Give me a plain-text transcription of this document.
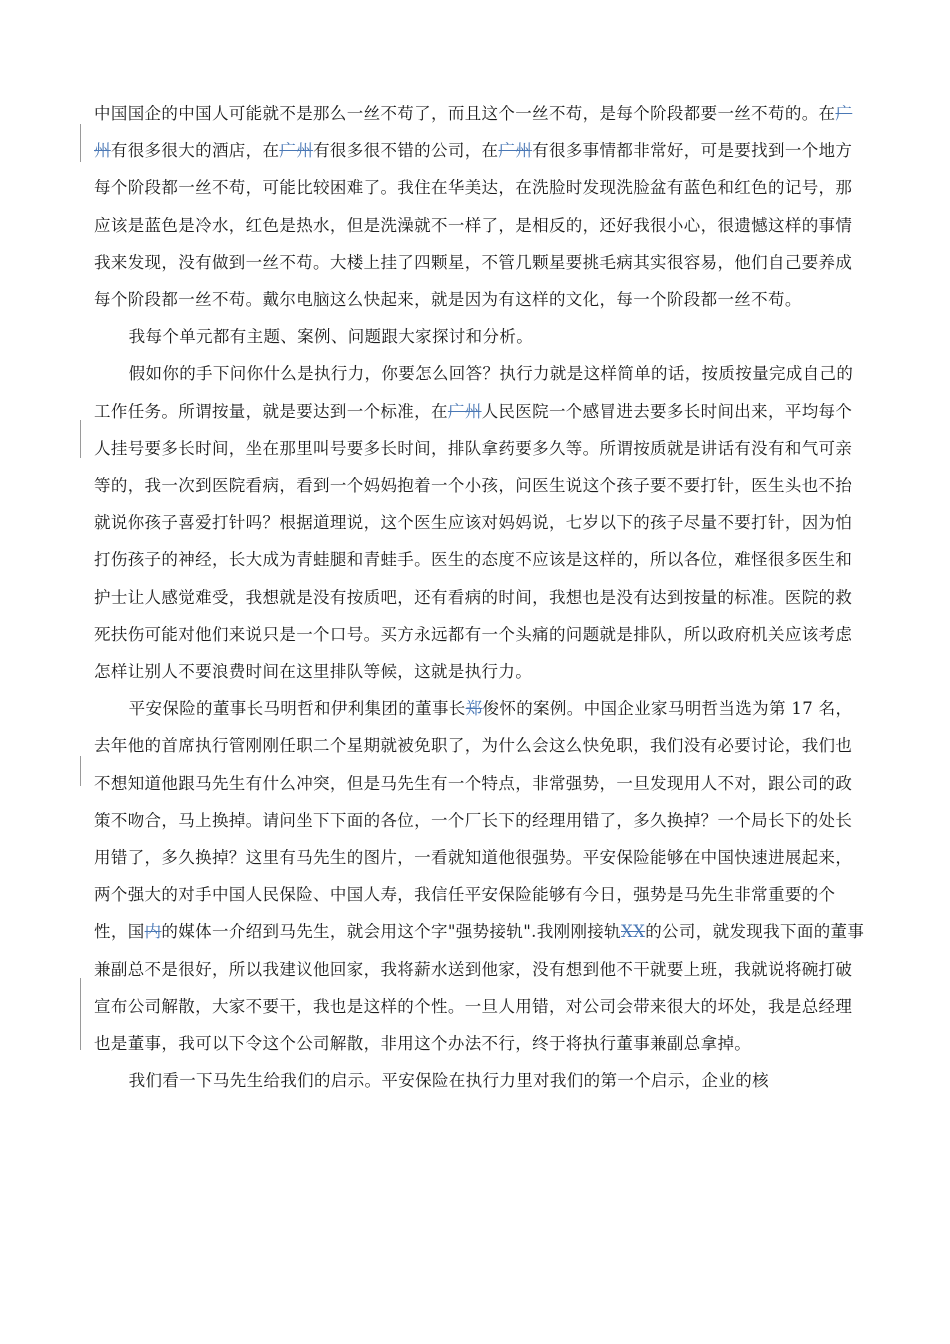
中国国企的中国人可能就不是那么一丝不苟了，而且这个一丝不苟，是每个阶段都要一丝不苟的。在广州有很多很大的酒店，在广州有很多很不错的公司，在广州有很多事情都非常好，可是要找到一个地方每个阶段都一丝不苟，可能比较困难了。我住在华美达，在洗脸时发现洗脸盆有蓝色和红色的记号，那应该是蓝色是冷水，红色是热水，但是洗澡就不一样了，是相反的，还好我很小心，很遗憾这样的事情我来发现，没有做到一丝不苟。大楼上挂了四颗星，不管几颗星要挑毛病其实很容易，他们自己要养成每个阶段都一丝不苟。戴尔电脑这么快起来，就是因为有这样的文化，每一个阶段都一丝不苟。

我每个单元都有主题、案例、问题跟大家探讨和分析。

假如你的手下问你什么是执行力，你要怎么回答？执行力就是这样简单的话，按质按量完成自己的工作任务。所谓按量，就是要达到一个标准，在广州人民医院一个感冒进去要多长时间出来，平均每个人挂号要多长时间，坐在那里叫号要多长时间，排队拿药要多久等。所谓按质就是讲话有没有和气可亲等的，我一次到医院看病，看到一个妈妈抱着一个小孩，问医生说这个孩子要不要打针，医生头也不抬就说你孩子喜爱打针吗？根据道理说，这个医生应该对妈妈说，七岁以下的孩子尽量不要打针，因为怕打伤孩子的神经，长大成为青蛙腿和青蛙手。医生的态度不应该是这样的，所以各位，难怪很多医生和护士让人感觉难受，我想就是没有按质吧，还有看病的时间，我想也是没有达到按量的标准。医院的救死扶伤可能对他们来说只是一个口号。买方永远都有一个头痛的问题就是排队，所以政府机关应该考虑怎样让别人不要浪费时间在这里排队等候，这就是执行力。

平安保险的董事长马明哲和伊利集团的董事长郑俊怀的案例。中国企业家马明哲当选为第 17 名，去年他的首席执行管刚刚任职二个星期就被免职了，为什么会这么快免职，我们没有必要讨论，我们也不想知道他跟马先生有什么冲突，但是马先生有一个特点，非常强势，一旦发现用人不对，跟公司的政策不吻合，马上换掉。请问坐下下面的各位，一个厂长下的经理用错了，多久换掉？一个局长下的处长用错了，多久换掉？这里有马先生的图片，一看就知道他很强势。平安保险能够在中国快速进展起来，两个强大的对手中国人民保险、中国人寿，我信任平安保险能够有今日，强势是马先生非常重要的个性，国内的媒体一介绍到马先生，就会用这个字"强势接轨".我刚刚接轨XX的公司，就发现我下面的董事兼副总不是很好，所以我建议他回家，我将薪水送到他家，没有想到他不干就要上班，我就说将碗打破宣布公司解散，大家不要干，我也是这样的个性。一旦人用错，对公司会带来很大的坏处，我是总经理也是董事，我可以下令这个公司解散，非用这个办法不行，终于将执行董事兼副总拿掉。

我们看一下马先生给我们的启示。平安保险在执行力里对我们的第一个启示，企业的核
